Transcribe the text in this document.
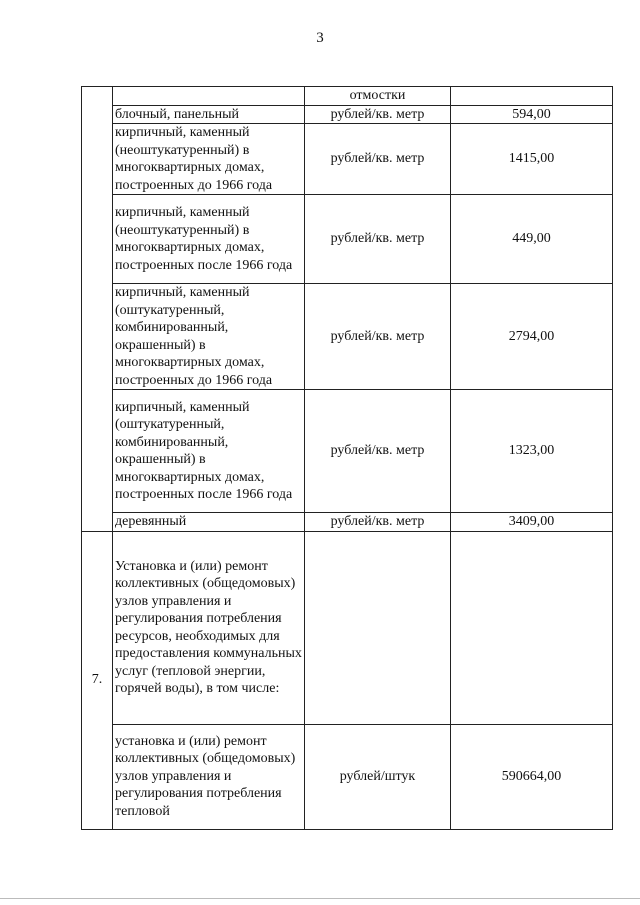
3
		отмостки	
	блочный, панельный	рублей/кв. метр	594,00
	кирпичный, каменный (неоштукатуренный) в многоквартирных домах, построенных до 1966 года	рублей/кв. метр	1415,00
	кирпичный, каменный (неоштукатуренный) в многоквартирных домах, построенных после 1966 года	рублей/кв. метр	449,00
	кирпичный, каменный (оштукатуренный, комбинированный, окрашенный) в многоквартирных домах, построенных до 1966 года	рублей/кв. метр	2794,00
	кирпичный, каменный (оштукатуренный, комбинированный, окрашенный) в многоквартирных домах, построенных после 1966 года	рублей/кв. метр	1323,00
	деревянный	рублей/кв. метр	3409,00
7.	Установка и (или) ремонт коллективных (общедомовых) узлов управления и регулирования потребления ресурсов, необходимых для предоставления коммунальных услуг (тепловой энергии, горячей воды), в том числе:		
	установка и (или) ремонт коллективных (общедомовых) узлов управления и регулирования потребления тепловой	рублей/штук	590664,00
